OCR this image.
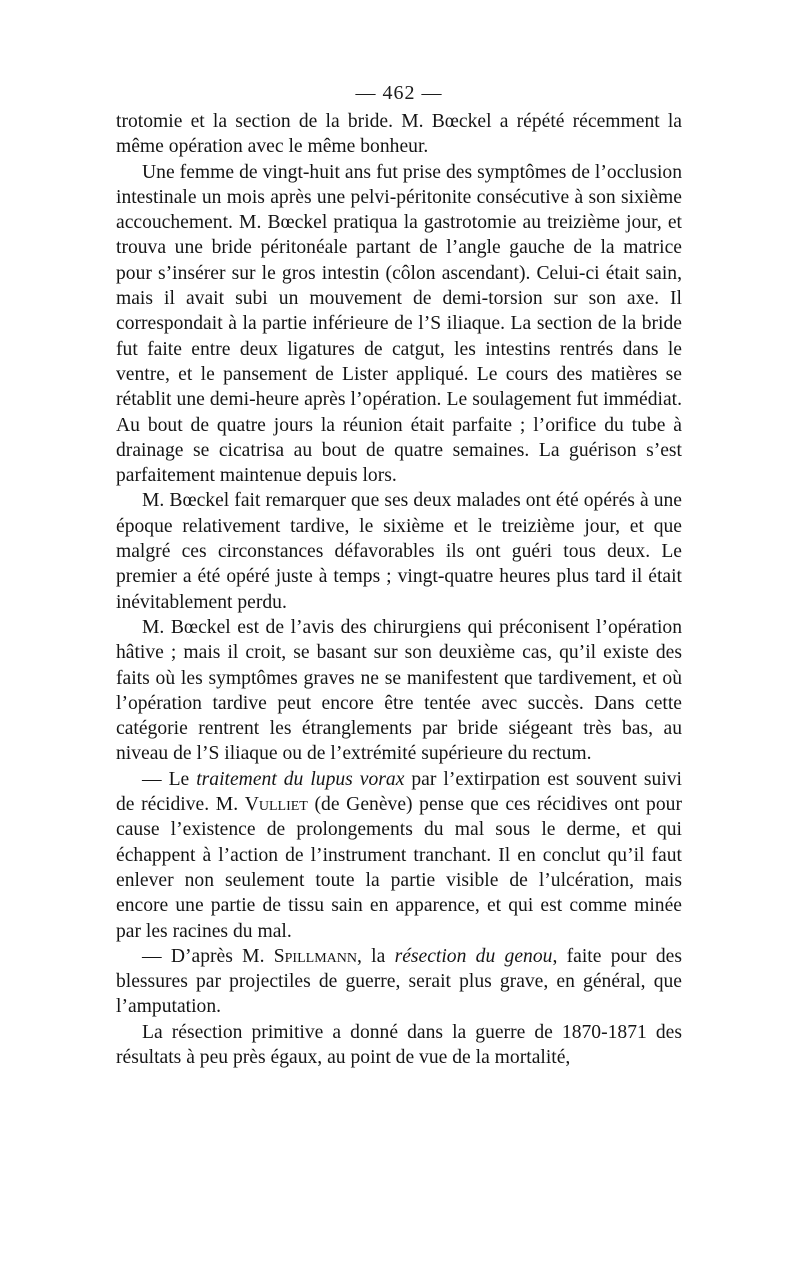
— 462 —

trotomie et la section de la bride. M. Bœckel a répété récemment la même opération avec le même bonheur.

Une femme de vingt-huit ans fut prise des symptômes de l’occlusion intestinale un mois après une pelvi-péritonite consécutive à son sixième accouchement. M. Bœckel pratiqua la gastrotomie au treizième jour, et trouva une bride péritonéale partant de l’angle gauche de la matrice pour s’insérer sur le gros intestin (côlon ascendant). Celui-ci était sain, mais il avait subi un mouvement de demi-torsion sur son axe. Il correspondait à la partie inférieure de l’S iliaque. La section de la bride fut faite entre deux ligatures de catgut, les intestins rentrés dans le ventre, et le pansement de Lister appliqué. Le cours des matières se rétablit une demi-heure après l’opération. Le soulagement fut immédiat. Au bout de quatre jours la réunion était parfaite ; l’orifice du tube à drainage se cicatrisa au bout de quatre semaines. La guérison s’est parfaitement maintenue depuis lors.

M. Bœckel fait remarquer que ses deux malades ont été opérés à une époque relativement tardive, le sixième et le treizième jour, et que malgré ces circonstances défavorables ils ont guéri tous deux. Le premier a été opéré juste à temps ; vingt-quatre heures plus tard il était inévitablement perdu.

M. Bœckel est de l’avis des chirurgiens qui préconisent l’opération hâtive ; mais il croit, se basant sur son deuxième cas, qu’il existe des faits où les symptômes graves ne se manifestent que tardivement, et où l’opération tardive peut encore être tentée avec succès. Dans cette catégorie rentrent les étranglements par bride siégeant très bas, au niveau de l’S iliaque ou de l’extrémité supérieure du rectum.

— Le traitement du lupus vorax par l’extirpation est souvent suivi de récidive. M. Vulliet (de Genève) pense que ces récidives ont pour cause l’existence de prolongements du mal sous le derme, et qui échappent à l’action de l’instrument tranchant. Il en conclut qu’il faut enlever non seulement toute la partie visible de l’ulcération, mais encore une partie de tissu sain en apparence, et qui est comme minée par les racines du mal.

— D’après M. Spillmann, la résection du genou, faite pour des blessures par projectiles de guerre, serait plus grave, en général, que l’amputation.

La résection primitive a donné dans la guerre de 1870-1871 des résultats à peu près égaux, au point de vue de la mortalité,
